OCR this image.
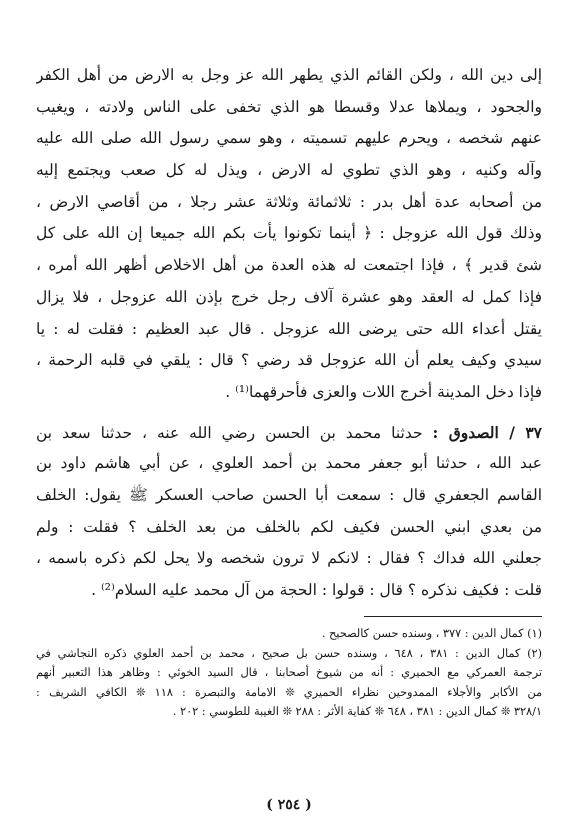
إلى دين الله ، ولكن القائم الذي يطهر الله عز وجل به الارض من أهل الكفر
والجحود ، ويملاها عدلا وقسطا هو الذي تخفى على الناس ولادته ، ويغيب
عنهم شخصه ، ويحرم عليهم تسميته ، وهو سمي رسول الله صلى الله عليه
وآله وكنيه ، وهو الذي تطوي له الارض ، ويذل له كل صعب ويجتمع إليه
من أصحابه عدة أهل بدر : ثلاثمائة وثلاثة عشر رجلا ، من أقاصي الارض ،
وذلك قول الله عزوجل : ﴿ أينما تكونوا يأت بكم الله جميعا إن الله على كل
شئ قدير ﴾ ، فإذا اجتمعت له هذه العدة من أهل الاخلاص أظهر الله أمره ،
فإذا كمل له العقد وهو عشرة آلاف رجل خرج بإذن الله عزوجل ، فلا يزال
يقتل أعداء الله حتى يرضى الله عزوجل . قال عبد العظيم : فقلت له : يا
سيدي وكيف يعلم أن الله عزوجل قد رضي ؟ قال : يلقي في قلبه الرحمة ،
فإذا دخل المدينة أخرج اللات والعزى فأحرقهما⁽¹⁾ .
٣٧ / الصدوق : حدثنا محمد بن الحسن رضي الله عنه ، حدثنا سعد بن
عبد الله ، حدثنا أبو جعفر محمد بن أحمد العلوي ، عن أبي هاشم داود بن
القاسم الجعفري قال : سمعت أبا الحسن صاحب العسكر ﷺ يقول: الخلف
من بعدي ابني الحسن فكيف لكم بالخلف من بعد الخلف ؟ فقلت : ولم
جعلني الله فداك ؟ فقال : لانكم لا ترون شخصه ولا يحل لكم ذكره باسمه ،
قلت : فكيف نذكره ؟ قال : قولوا : الحجة من آل محمد عليه السلام⁽²⁾ .
(١) كمال الدين : ٣٧٧ ، وسنده حسن كالصحيح .
(٢) كمال الدين : ٣٨١ ، ٦٤٨ ، وسنده حسن بل صحيح ، محمد بن أحمد العلوي ذكره النجاشي في
ترجمة العمركي مع الحميري : أنه من شيوخ أصحابنا ، قال السيد الخوئي : وظاهر هذا التعبير أنهم
من الأكابر والأجلاء الممدوحين نظراء الحميري ❊ الامامة والتبصرة : ١١٨ ❊ الكافي الشريف :
٣٢٨/١ ❊ كمال الدين : ٣٨١ ، ٦٤٨ ❊ كفاية الأثر : ٢٨٨ ❊ الغيبة للطوسي : ٢٠٢ .
( ٢٥٤ )
